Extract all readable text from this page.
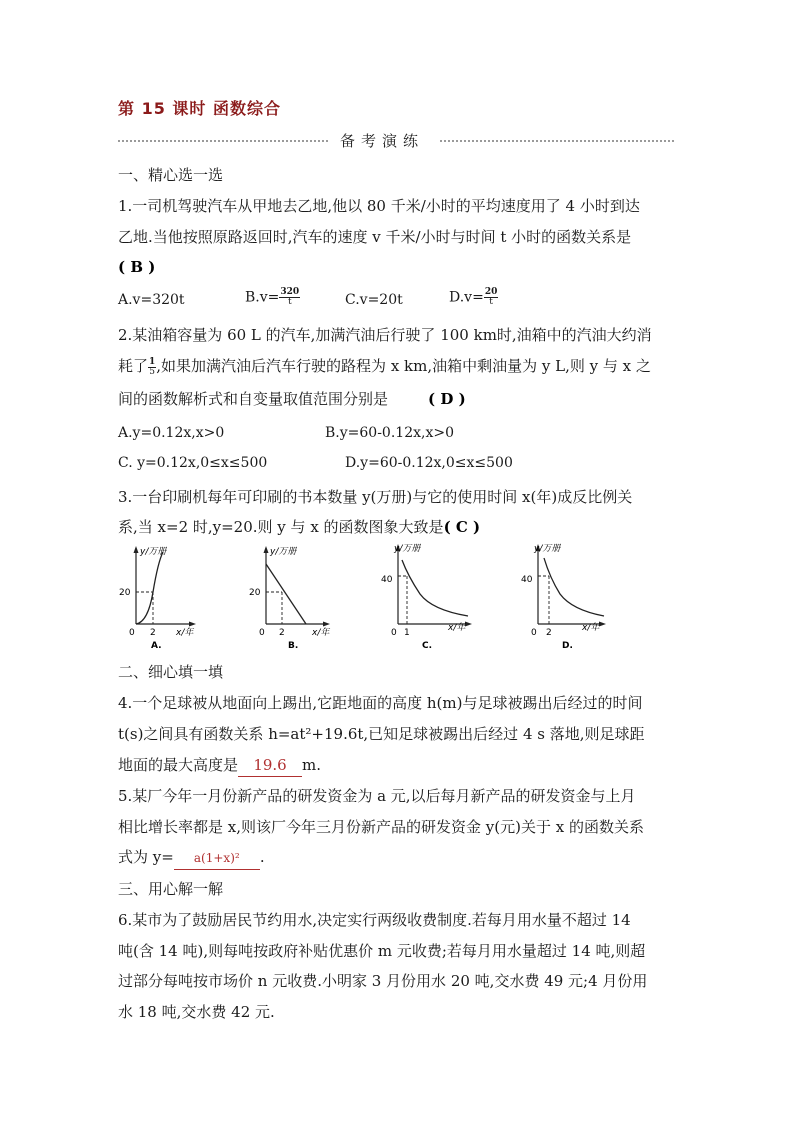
第 15 课时 函数综合
备考演练
一、精心选一选
1.一司机驾驶汽车从甲地去乙地,他以 80 千米/小时的平均速度用了 4 小时到达
乙地.当他按照原路返回时,汽车的速度 v 千米/小时与时间 t 小时的函数关系是
( B )
A.v=320t	$B.v= \frac{320}{t}$	C.v=20t	$D.v= \frac{20}{t}$
2.某油箱容量为 60 L 的汽车,加满汽油后行驶了 100 km时,油箱中的汽油大约消
耗了 $\frac{1}{5}$ ,如果加满汽油后汽车行驶的路程为 x km,油箱中剩油量为 y L,则 y 与 x 之
间的函数解析式和自变量取值范围分别是	( D )
A.y=0.12x,x>0	B.y=60-0.12x,x>0
C. y=0.12x,0≤x≤500	D.y=60-0.12x,0≤x≤500
3.一台印刷机每年可印刷的书本数量 y(万册)与它的使用时间 x(年)成反比例关
系,当 x=2 时,y=20.则 y 与 x 的函数图象大致是( C )
y/万册
x/年
20
0 2
A.
y/万册
x/年
20
0 2
B.
y/万册
x/年
40
0 1
C.
y/万册
x/年
40
0 2
D.
二、细心填一填
4.一个足球被从地面向上踢出,它距地面的高度 h(m)与足球被踢出后经过的时间
t(s)之间具有函数关系 h=at²+19.6t,已知足球被踢出后经过 4 s 落地,则足球距
地面的最大高度是 19.6 m.
5.某厂今年一月份新产品的研发资金为 a 元,以后每月新产品的研发资金与上月
相比增长率都是 x,则该厂今年三月份新产品的研发资金 y(元)关于 x 的函数关系
式为 y= a(1+x)² .
三、用心解一解
6.某市为了鼓励居民节约用水,决定实行两级收费制度.若每月用水量不超过 14
吨(含 14 吨),则每吨按政府补贴优惠价 m 元收费;若每月用水量超过 14 吨,则超
过部分每吨按市场价 n 元收费.小明家 3 月份用水 20 吨,交水费 49 元;4 月份用
水 18 吨,交水费 42 元.
